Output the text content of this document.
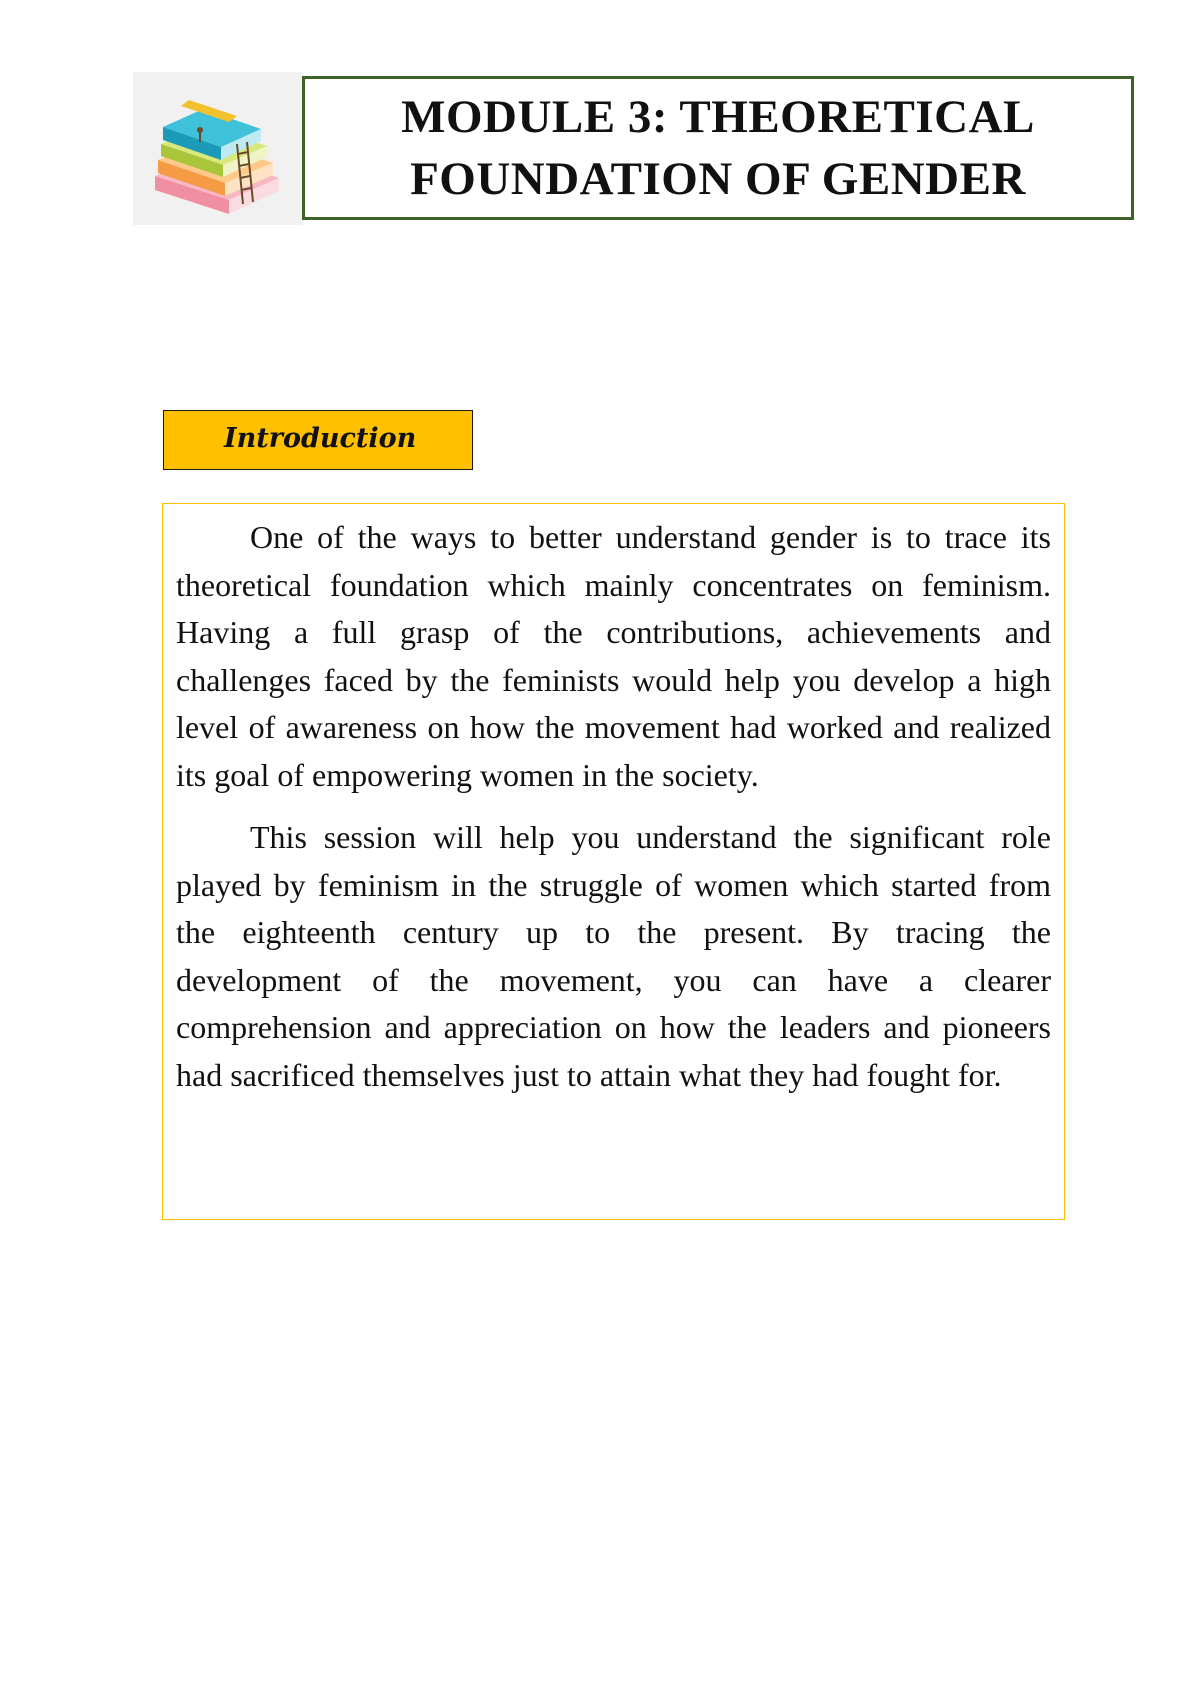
MODULE 3: THEORETICAL
FOUNDATION OF GENDER
Introduction

One of the ways to better understand gender is to trace its theoretical foundation which mainly concentrates on feminism. Having a full grasp of the contributions, achievements and challenges faced by the feminists would help you develop a high level of awareness on how the movement had worked and realized its goal of empowering women in the society.

This session will help you understand the significant role played by feminism in the struggle of women which started from the eighteenth century up to the present. By tracing the development of the movement, you can have a clearer comprehension and appreciation on how the leaders and pioneers had sacrificed themselves just to attain what they had fought for.
